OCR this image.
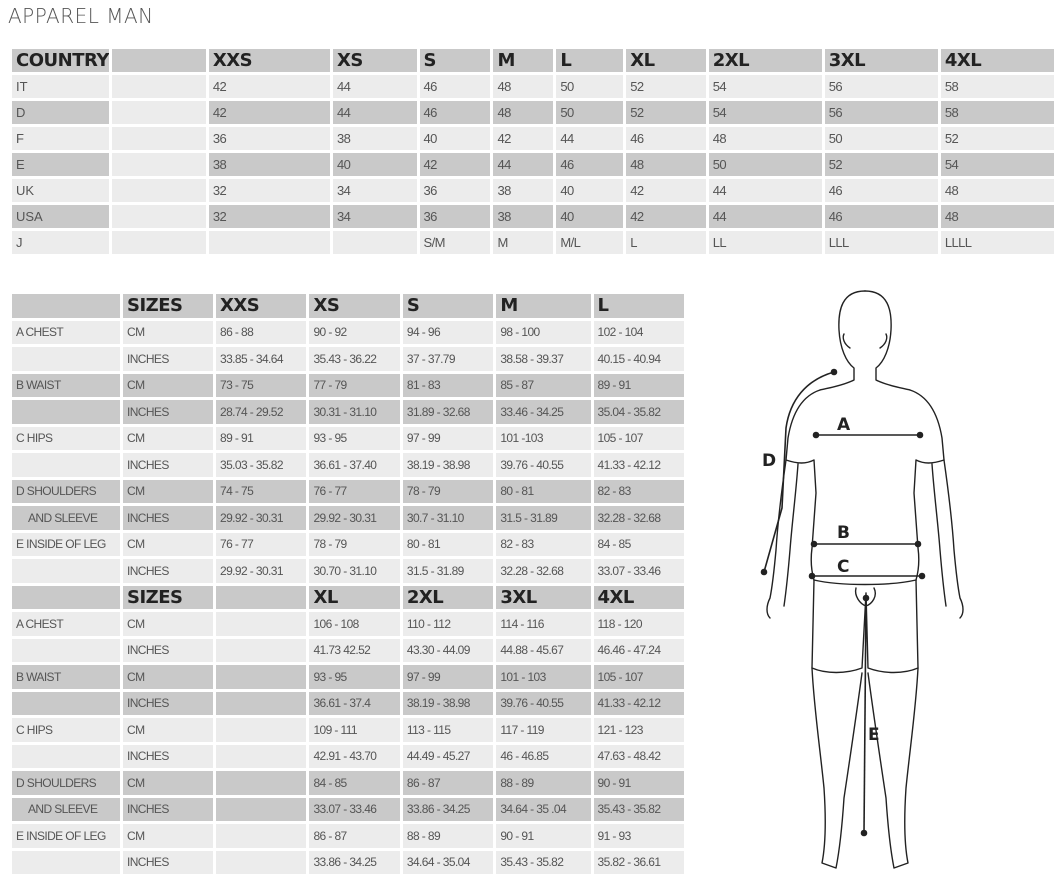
APPAREL MAN
COUNTRY		XXS	XS	S	M	L	XL	2XL	3XL	4XL
IT		42	44	46	48	50	52	54	56	58
D		42	44	46	48	50	52	54	56	58
F		36	38	40	42	44	46	48	50	52
E		38	40	42	44	46	48	50	52	54
UK		32	34	36	38	40	42	44	46	48
USA		32	34	36	38	40	42	44	46	48
J				S/M	M	M/L	L	LL	LLL	LLLL
	SIZES	XXS	XS	S	M	L
A CHEST	CM	86 - 88	90 - 92	94 - 96	98 - 100	102 - 104
	INCHES	33.85 - 34.64	35.43 - 36.22	37 - 37.79	38.58 - 39.37	40.15 - 40.94
B WAIST	CM	73 - 75	77 - 79	81 - 83	85 - 87	89 - 91
	INCHES	28.74 - 29.52	30.31 - 31.10	31.89 - 32.68	33.46 - 34.25	35.04 - 35.82
C HIPS	CM	89 - 91	93 - 95	97 - 99	101 -103	105 - 107
	INCHES	35.03 - 35.82	36.61 - 37.40	38.19 - 38.98	39.76 - 40.55	41.33 - 42.12
D SHOULDERS	CM	74 - 75	76 - 77	78 - 79	80 - 81	82 - 83
AND SLEEVE	INCHES	29.92 - 30.31	29.92 - 30.31	30.7 - 31.10	31.5 - 31.89	32.28 - 32.68
E INSIDE OF LEG	CM	76 - 77	78 - 79	80 - 81	82 - 83	84 - 85
	INCHES	29.92 - 30.31	30.70 - 31.10	31.5 - 31.89	32.28 - 32.68	33.07 - 33.46
	SIZES		XL	2XL	3XL	4XL
A CHEST	CM		106 - 108	110 - 112	114 - 116	118 - 120
	INCHES		41.73 42.52	43.30 - 44.09	44.88 - 45.67	46.46 - 47.24
B WAIST	CM		93 - 95	97 - 99	101 - 103	105 - 107
	INCHES		36.61 - 37.4	38.19 - 38.98	39.76 - 40.55	41.33 - 42.12
C HIPS	CM		109 - 111	113 - 115	117 - 119	121 - 123
	INCHES		42.91 - 43.70	44.49 - 45.27	46 - 46.85	47.63 - 48.42
D SHOULDERS	CM		84 - 85	86 - 87	88 - 89	90 - 91
AND SLEEVE	INCHES		33.07 - 33.46	33.86 - 34.25	34.64 - 35 .04	35.43 - 35.82
E INSIDE OF LEG	CM		86 - 87	88 - 89	90 - 91	91 - 93
	INCHES		33.86 - 34.25	34.64 - 35.04	35.43 - 35.82	35.82 - 36.61
A
B
C
D
E
